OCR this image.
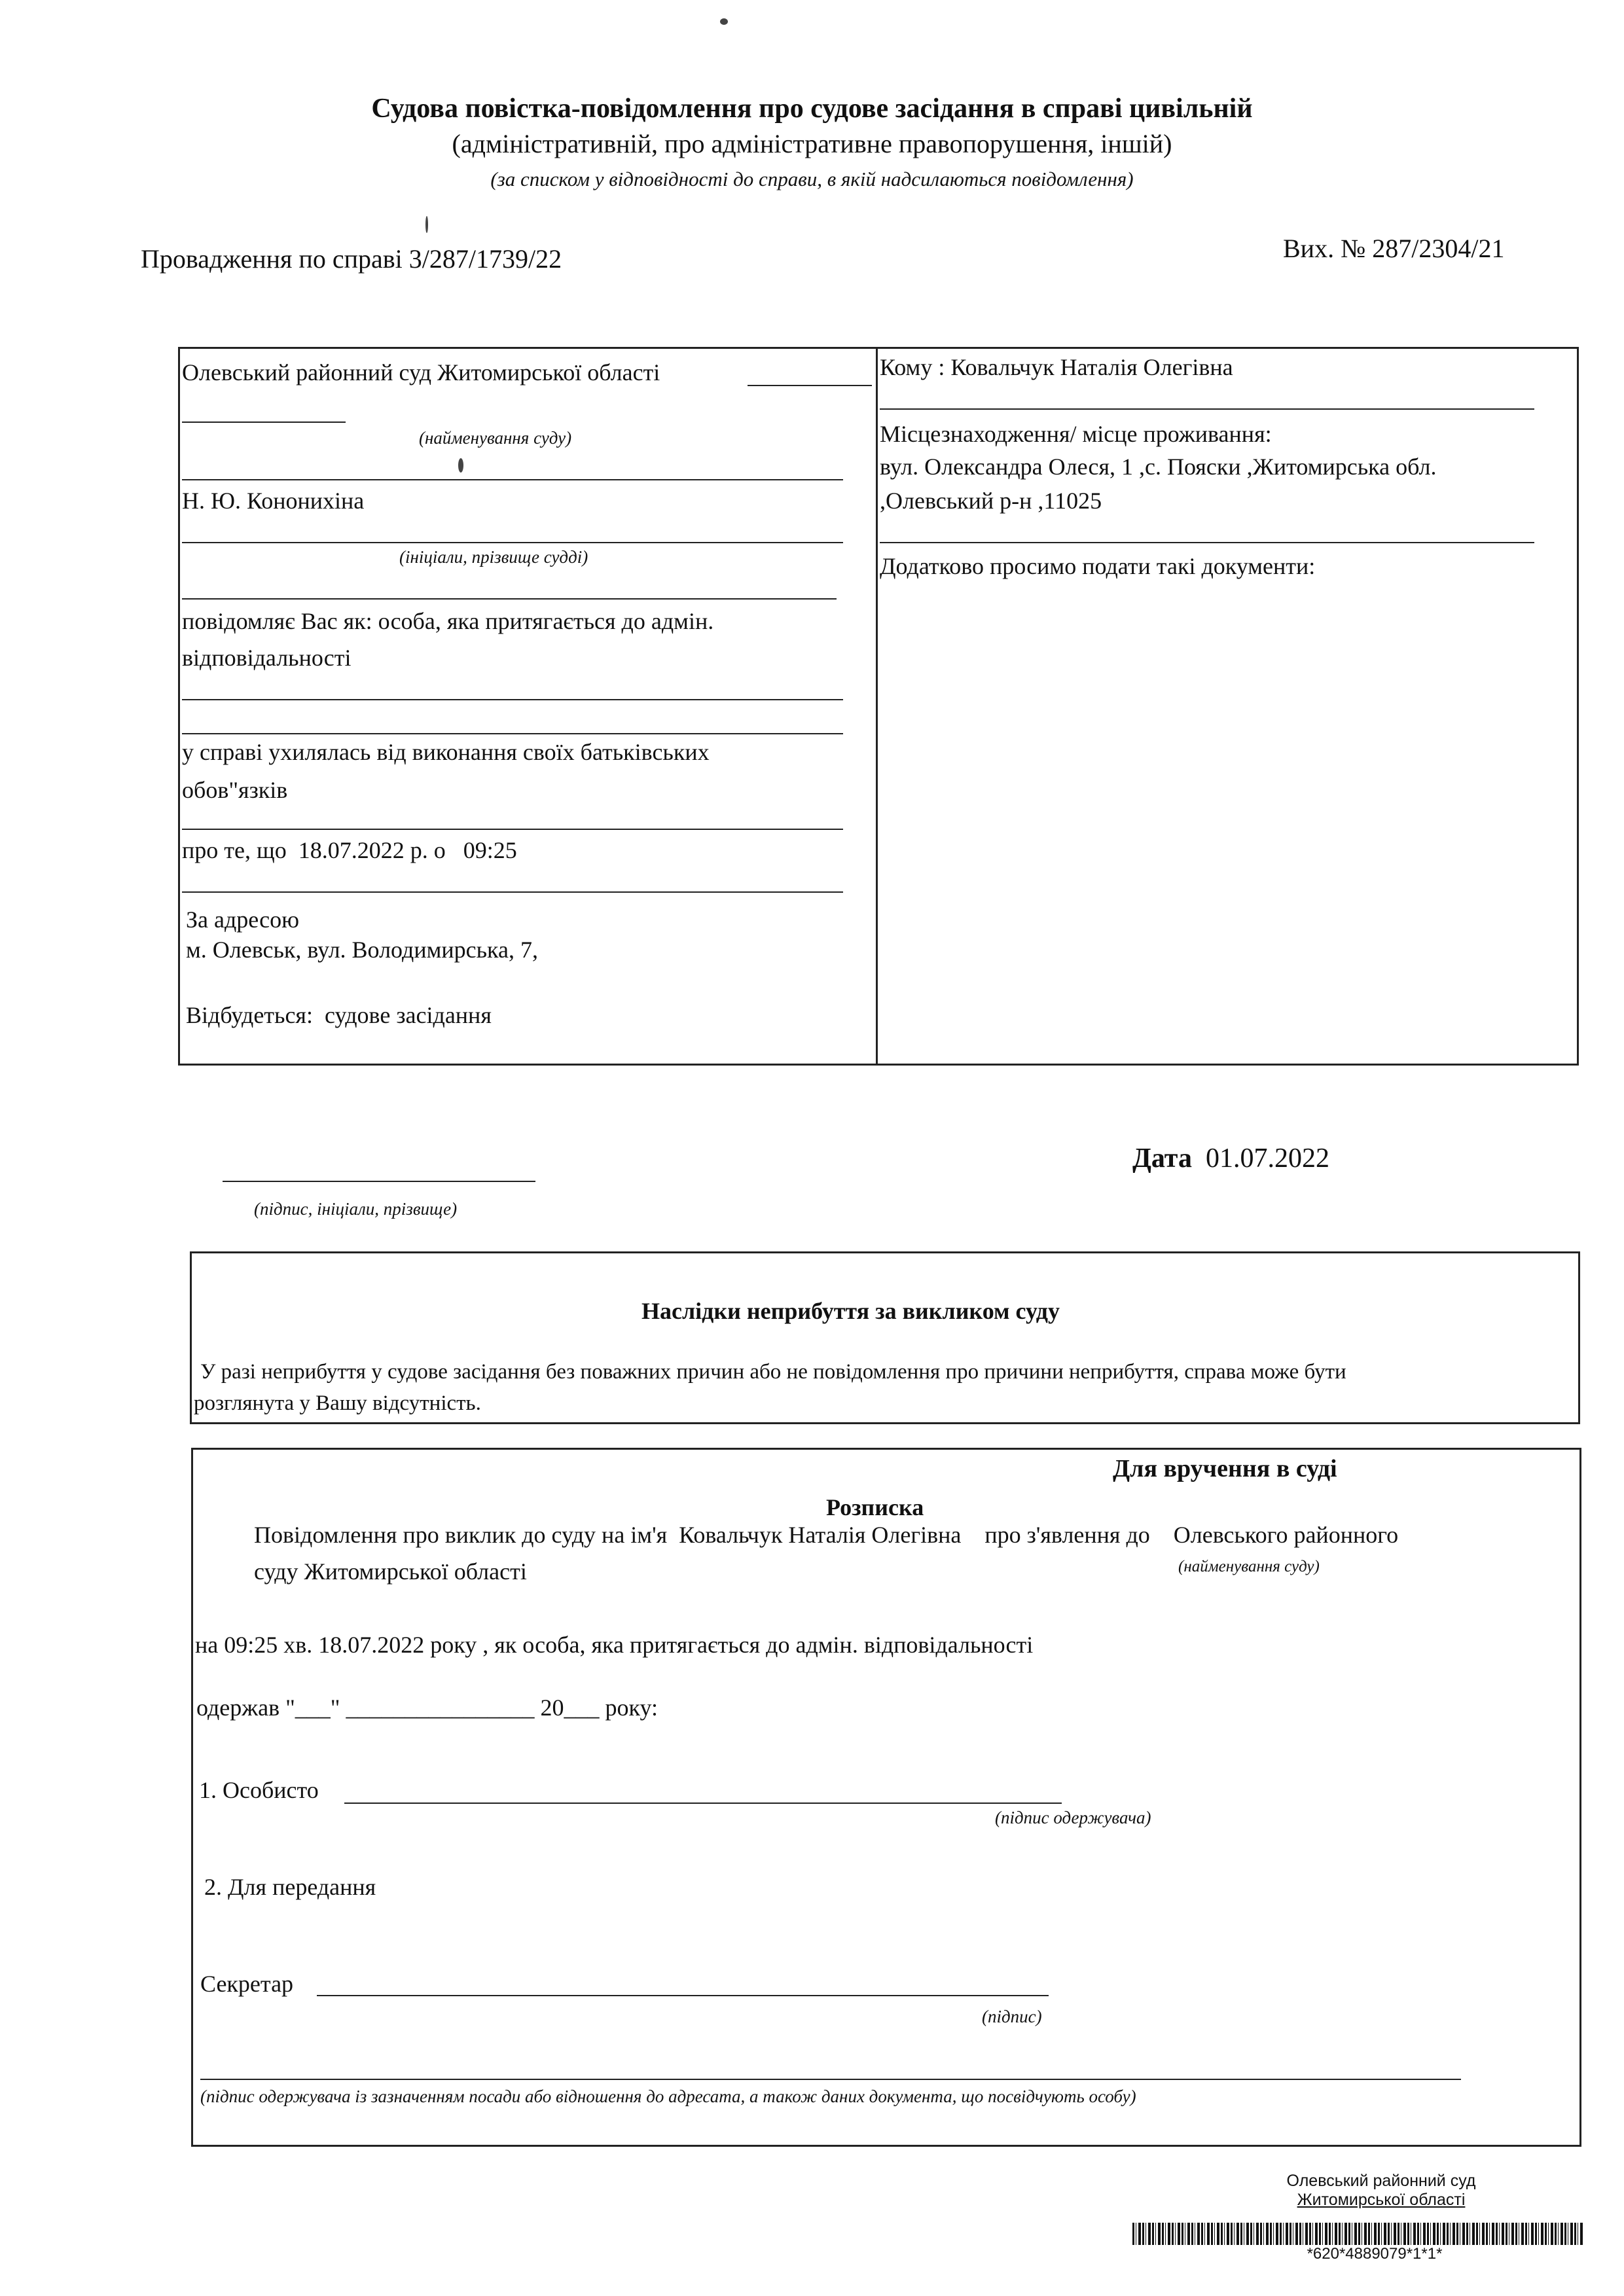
Судова повістка-повідомлення про судове засідання в справі цивільній
(адміністративній, про адміністративне правопорушення, іншій)
(за списком у відповідності до справи, в якій надсилаються повідомлення)
Провадження по справі 3/287/1739/22	Вих. № 287/2304/21
Олевський районний суд Житомирської області
(найменування суду)
Н. Ю. Кононихіна
(ініціали, прізвище судді)
повідомляє Вас як: особа, яка притягається до адмін.
відповідальності
у справі ухилялась від виконання своїх батьківських
обов"язків
про те, що 18.07.2022 р. о 09:25
За адресою
м. Олевськ, вул. Володимирська, 7,
Відбудеться: судове засідання
Кому : Ковальчук Наталія Олегівна
Місцезнаходження/ місце проживання:
вул. Олександра Олеся, 1 ,с. Пояски ,Житомирська обл.
,Олевський р-н ,11025
Додатково просимо подати такі документи:
(підпис, ініціали, прізвище)
Дата 01.07.2022
Наслідки неприбуття за викликом суду
У разі неприбуття у судове засідання без поважних причин або не повідомлення про причини неприбуття, справа може бути
розглянута у Вашу відсутність.
Для вручення в суді
Розписка
Повідомлення про виклик до суду на ім'я Ковальчук Наталія Олегівна про з'явлення до Олевського районного
суду Житомирської області	(найменування суду)
на 09:25 хв. 18.07.2022 року , як особа, яка притягається до адмін. відповідальності
одержав "___" ________________ 20___ року:
1. Особисто
(підпис одержувача)
2. Для передання
Секретар
(підпис)
(підпис одержувача із зазначенням посади або відношення до адресата, а також даних документа, що посвідчують особу)
Олевський районний суд
Житомирської області
*620*4889079*1*1*
